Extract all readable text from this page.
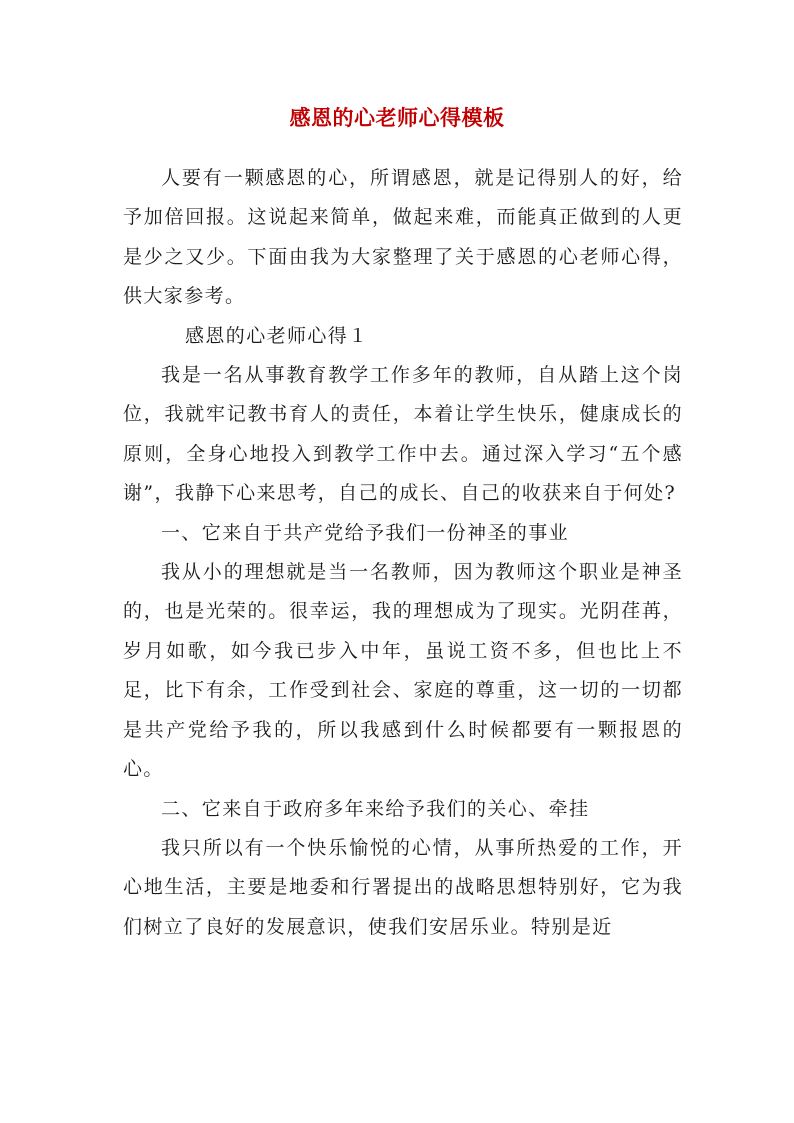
感恩的心老师心得模板

人要有一颗感恩的心，所谓感恩，就是记得别人的好，给予加倍回报。这说起来简单，做起来难，而能真正做到的人更是少之又少。下面由我为大家整理了关于感恩的心老师心得，供大家参考。

感恩的心老师心得１

我是一名从事教育教学工作多年的教师，自从踏上这个岗位，我就牢记教书育人的责任，本着让学生快乐，健康成长的原则，全身心地投入到教学工作中去。通过深入学习“五个感谢”，我静下心来思考，自己的成长、自己的收获来自于何处?

一、它来自于共产党给予我们一份神圣的事业

我从小的理想就是当一名教师，因为教师这个职业是神圣的，也是光荣的。很幸运，我的理想成为了现实。光阴荏苒，岁月如歌，如今我已步入中年，虽说工资不多，但也比上不足，比下有余，工作受到社会、家庭的尊重，这一切的一切都是共产党给予我的，所以我感到什么时候都要有一颗报恩的心。

二、它来自于政府多年来给予我们的关心、牵挂

我只所以有一个快乐愉悦的心情，从事所热爱的工作，开心地生活，主要是地委和行署提出的战略思想特别好，它为我们树立了良好的发展意识，使我们安居乐业。特别是近
